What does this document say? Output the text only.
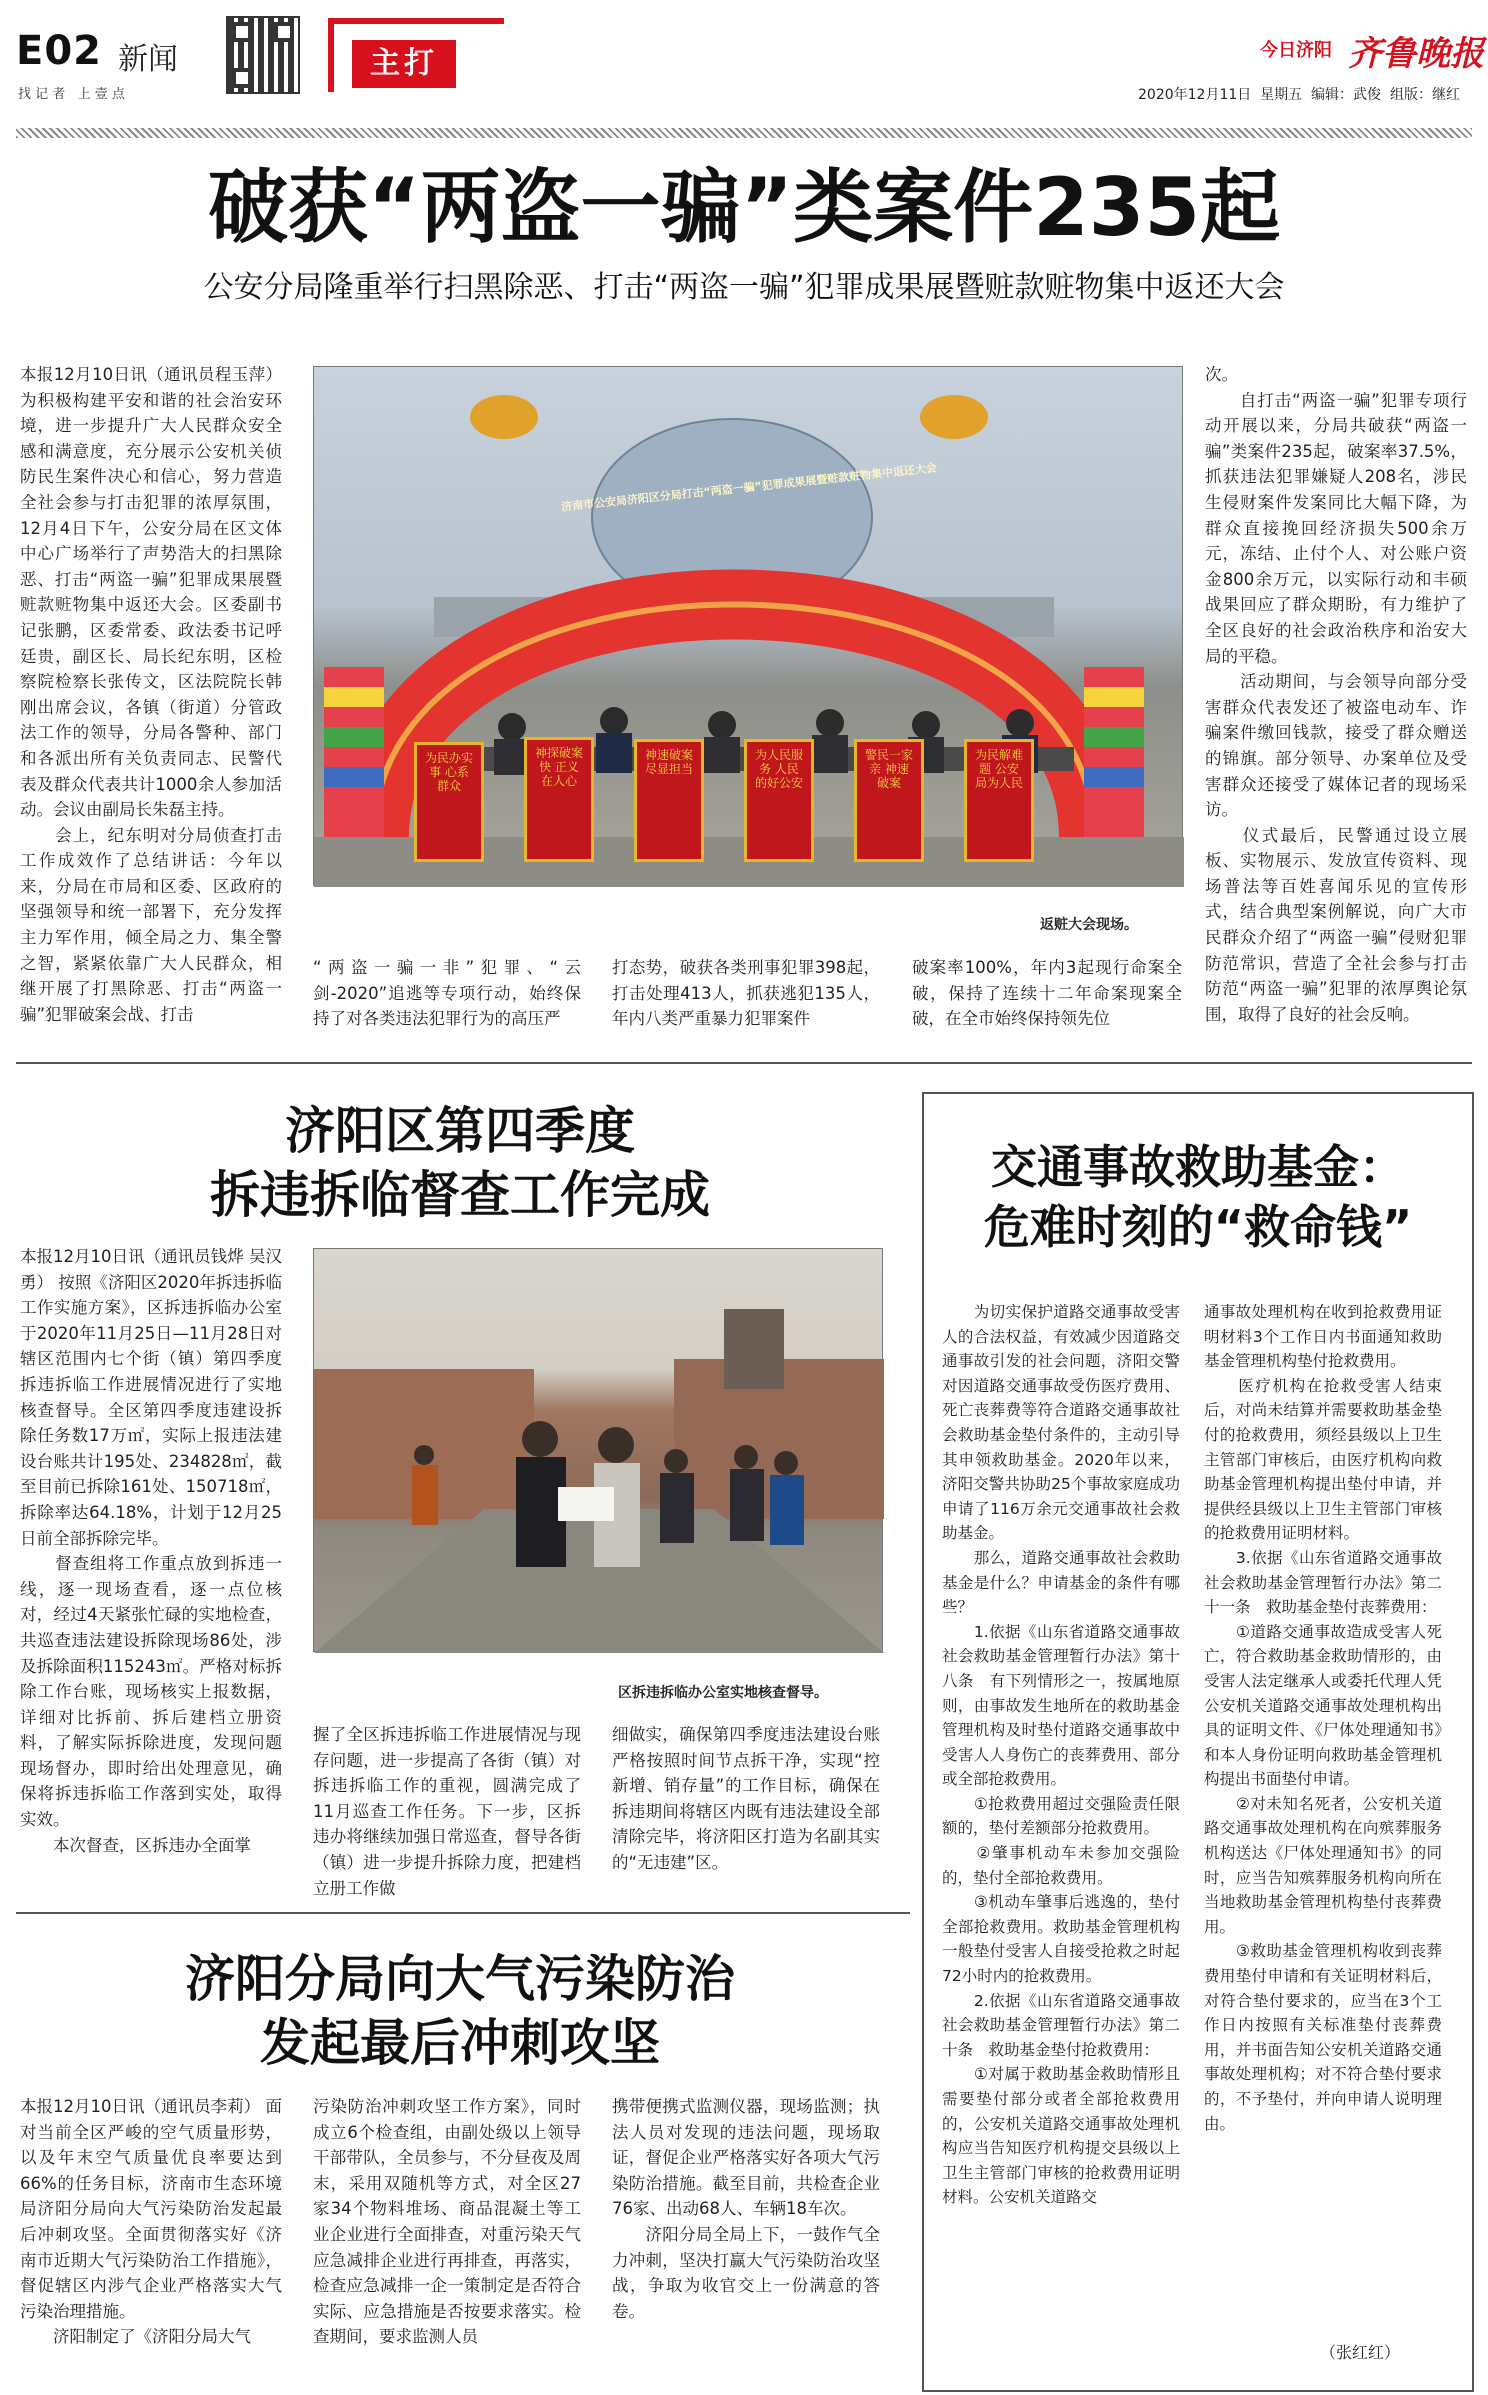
E02 新闻
找 记 者   上 壹 点
主打	今日济阳 齐鲁晚报
2020年12月11日  星期五  编辑：武俊  组版：继红
破获“两盗一骗”类案件235起
公安分局隆重举行扫黑除恶、打击“两盗一骗”犯罪成果展暨赃款赃物集中返还大会
本报12月10日讯（通讯员程玉萍） 为积极构建平安和谐的社会治安环境，进一步提升广大人民群众安全感和满意度，充分展示公安机关侦防民生案件决心和信心，努力营造全社会参与打击犯罪的浓厚氛围，12月4日下午，公安分局在区文体中心广场举行了声势浩大的扫黑除恶、打击“两盗一骗”犯罪成果展暨赃款赃物集中返还大会。区委副书记张鹏，区委常委、政法委书记呼廷贵，副区长、局长纪东明，区检察院检察长张传文，区法院院长韩刚出席会议，各镇（街道）分管政法工作的领导，分局各警种、部门和各派出所有关负责同志、民警代表及群众代表共计1000余人参加活动。会议由副局长朱磊主持。
　　会上，纪东明对分局侦查打击工作成效作了总结讲话：今年以来，分局在市局和区委、区政府的坚强领导和统一部署下，充分发挥主力军作用，倾全局之力、集全警之智，紧紧依靠广大人民群众，相继开展了打黑除恶、打击“两盗一骗”犯罪破案会战、打击
济南市公安局济阳区分局打击“两盗一骗”犯罪成果展暨赃款赃物集中返还大会
为民办实事 心系群众
神探破案快 正义在人心
神速破案 尽显担当
为人民服务 人民的好公安
警民一家亲 神速破案
为民解难题 公安局为人民
返赃大会现场。
“两盗一骗一非”犯罪、“云剑-2020”追逃等专项行动，始终保持了对各类违法犯罪行为的高压严
打态势，破获各类刑事犯罪398起，打击处理413人，抓获逃犯135人，年内八类严重暴力犯罪案件
破案率100%，年内3起现行命案全破，保持了连续十二年命案现案全破，在全市始终保持领先位
次。
　　自打击“两盗一骗”犯罪专项行动开展以来，分局共破获“两盗一骗”类案件235起，破案率37.5%，抓获违法犯罪嫌疑人208名，涉民生侵财案件发案同比大幅下降，为群众直接挽回经济损失500余万元，冻结、止付个人、对公账户资金800余万元，以实际行动和丰硕战果回应了群众期盼，有力维护了全区良好的社会政治秩序和治安大局的平稳。
　　活动期间，与会领导向部分受害群众代表发还了被盗电动车、诈骗案件缴回钱款，接受了群众赠送的锦旗。部分领导、办案单位及受害群众还接受了媒体记者的现场采访。
　　仪式最后，民警通过设立展板、实物展示、发放宣传资料、现场普法等百姓喜闻乐见的宣传形式，结合典型案例解说，向广大市民群众介绍了“两盗一骗”侵财犯罪防范常识，营造了全社会参与打击防范“两盗一骗”犯罪的浓厚舆论氛围，取得了良好的社会反响。
济阳区第四季度
拆违拆临督查工作完成
本报12月10日讯（通讯员钱烨 吴汉勇） 按照《济阳区2020年拆违拆临工作实施方案》，区拆违拆临办公室于2020年11月25日—11月28日对辖区范围内七个街（镇）第四季度拆违拆临工作进展情况进行了实地核查督导。全区第四季度违建设拆除任务数17万㎡，实际上报违法建设台账共计195处、234828㎡，截至目前已拆除161处、150718㎡，拆除率达64.18%，计划于12月25日前全部拆除完毕。
　　督查组将工作重点放到拆违一线，逐一现场查看，逐一点位核对，经过4天紧张忙碌的实地检查，共巡查违法建设拆除现场86处，涉及拆除面积115243㎡。严格对标拆除工作台账，现场核实上报数据，详细对比拆前、拆后建档立册资料，了解实际拆除进度，发现问题现场督办，即时给出处理意见，确保将拆违拆临工作落到实处，取得实效。
　　本次督查，区拆违办全面掌
区拆违拆临办公室实地核查督导。
握了全区拆违拆临工作进展情况与现存问题，进一步提高了各街（镇）对拆违拆临工作的重视，圆满完成了11月巡查工作任务。下一步，区拆违办将继续加强日常巡查，督导各街（镇）进一步提升拆除力度，把建档立册工作做
细做实，确保第四季度违法建设台账严格按照时间节点拆干净，实现“控新增、销存量”的工作目标，确保在拆违期间将辖区内既有违法建设全部清除完毕，将济阳区打造为名副其实的“无违建”区。
交通事故救助基金：
危难时刻的“救命钱”
　　为切实保护道路交通事故受害人的合法权益，有效减少因道路交通事故引发的社会问题，济阳交警对因道路交通事故受伤医疗费用、死亡丧葬费等符合道路交通事故社会救助基金垫付条件的，主动引导其申领救助基金。2020年以来，济阳交警共协助25个事故家庭成功申请了116万余元交通事故社会救助基金。
　　那么，道路交通事故社会救助基金是什么？申请基金的条件有哪些？
　　1.依据《山东省道路交通事故社会救助基金管理暂行办法》第十八条　有下列情形之一，按属地原则，由事故发生地所在的救助基金管理机构及时垫付道路交通事故中受害人人身伤亡的丧葬费用、部分或全部抢救费用。
　　①抢救费用超过交强险责任限额的，垫付差额部分抢救费用。
　　②肇事机动车未参加交强险的，垫付全部抢救费用。
　　③机动车肇事后逃逸的，垫付全部抢救费用。救助基金管理机构一般垫付受害人自接受抢救之时起72小时内的抢救费用。
　　2.依据《山东省道路交通事故社会救助基金管理暂行办法》第二十条　救助基金垫付抢救费用：
　　①对属于救助基金救助情形且需要垫付部分或者全部抢救费用的，公安机关道路交通事故处理机构应当告知医疗机构提交县级以上卫生主管部门审核的抢救费用证明材料。公安机关道路交
通事故处理机构在收到抢救费用证明材料3个工作日内书面通知救助基金管理机构垫付抢救费用。
　　医疗机构在抢救受害人结束后，对尚未结算并需要救助基金垫付的抢救费用，须经县级以上卫生主管部门审核后，由医疗机构向救助基金管理机构提出垫付申请，并提供经县级以上卫生主管部门审核的抢救费用证明材料。
　　3.依据《山东省道路交通事故社会救助基金管理暂行办法》第二十一条　救助基金垫付丧葬费用：
　　①道路交通事故造成受害人死亡，符合救助基金救助情形的，由受害人法定继承人或委托代理人凭公安机关道路交通事故处理机构出具的证明文件、《尸体处理通知书》和本人身份证明向救助基金管理机构提出书面垫付申请。
　　②对未知名死者，公安机关道路交通事故处理机构在向殡葬服务机构送达《尸体处理通知书》的同时，应当告知殡葬服务机构向所在当地救助基金管理机构垫付丧葬费用。
　　③救助基金管理机构收到丧葬费用垫付申请和有关证明材料后，对符合垫付要求的，应当在3个工作日内按照有关标准垫付丧葬费用，并书面告知公安机关道路交通事故处理机构；对不符合垫付要求的，不予垫付，并向申请人说明理由。
（张红红）
济阳分局向大气污染防治
发起最后冲刺攻坚
本报12月10日讯（通讯员李莉） 面对当前全区严峻的空气质量形势，以及年末空气质量优良率要达到66%的任务目标，济南市生态环境局济阳分局向大气污染防治发起最后冲刺攻坚。全面贯彻落实好《济南市近期大气污染防治工作措施》，督促辖区内涉气企业严格落实大气污染治理措施。
　　济阳制定了《济阳分局大气
污染防治冲刺攻坚工作方案》，同时成立6个检查组，由副处级以上领导干部带队，全员参与，不分昼夜及周末，采用双随机等方式，对全区27家34个物料堆场、商品混凝土等工业企业进行全面排查，对重污染天气应急减排企业进行再排查，再落实，检查应急减排一企一策制定是否符合实际、应急措施是否按要求落实。检查期间，要求监测人员
携带便携式监测仪器，现场监测；执法人员对发现的违法问题，现场取证，督促企业严格落实好各项大气污染防治措施。截至目前，共检查企业76家、出动68人、车辆18车次。
　　济阳分局全局上下，一鼓作气全力冲刺，坚决打赢大气污染防治攻坚战，争取为收官交上一份满意的答卷。
